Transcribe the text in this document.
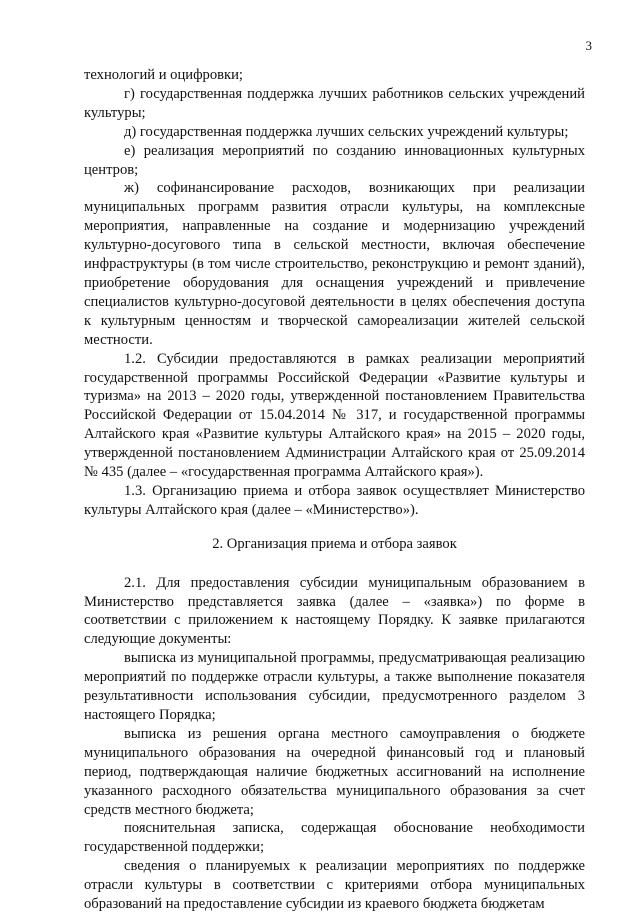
3

технологий и оцифровки;

г) государственная поддержка лучших работников сельских учреждений культуры;

д) государственная поддержка лучших сельских учреждений культуры;

е) реализация мероприятий по созданию инновационных культурных центров;

ж) софинансирование расходов, возникающих при реализации муниципальных программ развития отрасли культуры, на комплексные мероприятия, направленные на создание и модернизацию учреждений культурно-досугового типа в сельской местности, включая обеспечение инфраструктуры (в том числе строительство, реконструкцию и ремонт зданий), приобретение оборудования для оснащения учреждений и привлечение специалистов культурно-досуговой деятельности в целях обеспечения доступа к культурным ценностям и творческой самореализации жителей сельской местности.

1.2. Субсидии предоставляются в рамках реализации мероприятий государственной программы Российской Федерации «Развитие культуры и туризма» на 2013 – 2020 годы, утвержденной постановлением Правительства Российской Федерации от 15.04.2014 № 317, и государственной программы Алтайского края «Развитие культуры Алтайского края» на 2015 – 2020 годы, утвержденной постановлением Администрации Алтайского края от 25.09.2014 № 435 (далее – «государственная программа Алтайского края»).

1.3. Организацию приема и отбора заявок осуществляет Министерство культуры Алтайского края (далее – «Министерство»).

2. Организация приема и отбора заявок

2.1. Для предоставления субсидии муниципальным образованием в Министерство представляется заявка (далее – «заявка») по форме в соответствии с приложением к настоящему Порядку. К заявке прилагаются следующие документы:

выписка из муниципальной программы, предусматривающая реализацию мероприятий по поддержке отрасли культуры, а также выполнение показателя результативности использования субсидии, предусмотренного разделом 3 настоящего Порядка;

выписка из решения органа местного самоуправления о бюджете муниципального образования на очередной финансовый год и плановый период, подтверждающая наличие бюджетных ассигнований на исполнение указанного расходного обязательства муниципального образования за счет средств местного бюджета;

пояснительная записка, содержащая обоснование необходимости государственной поддержки;

сведения о планируемых к реализации мероприятиях по поддержке отрасли культуры в соответствии с критериями отбора муниципальных образований на предоставление субсидии из краевого бюджета бюджетам
